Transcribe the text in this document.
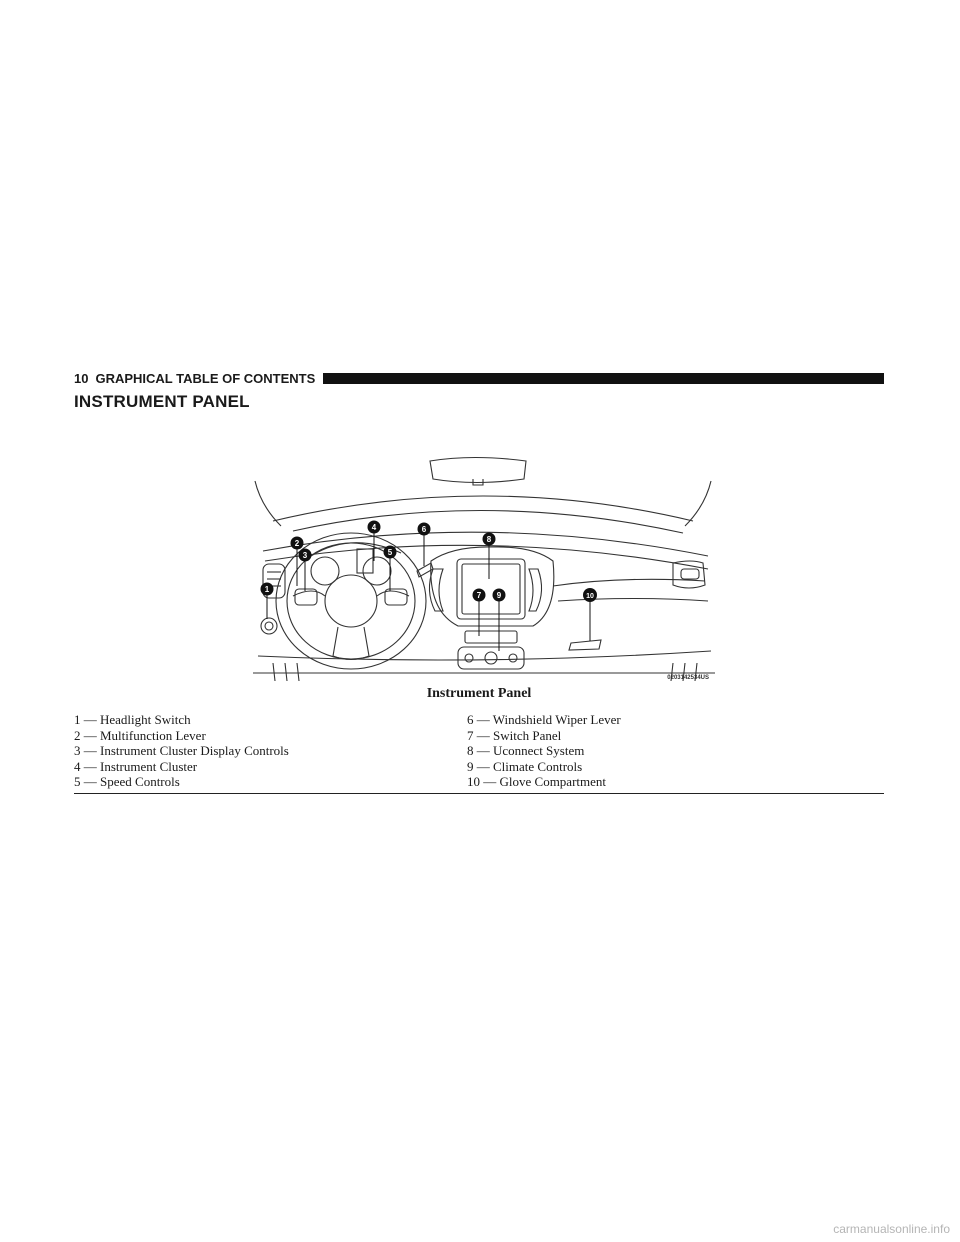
10 GRAPHICAL TABLE OF CONTENTS
INSTRUMENT PANEL
1
2
3
4
5
6
8
7 9	10
0203142534US
Instrument Panel
1 — Headlight Switch
2 — Multifunction Lever
3 — Instrument Cluster Display Controls
4 — Instrument Cluster
5 — Speed Controls
6 — Windshield Wiper Lever
7 — Switch Panel
8 — Uconnect System
9 — Climate Controls
10 — Glove Compartment
carmanualsonline.info
